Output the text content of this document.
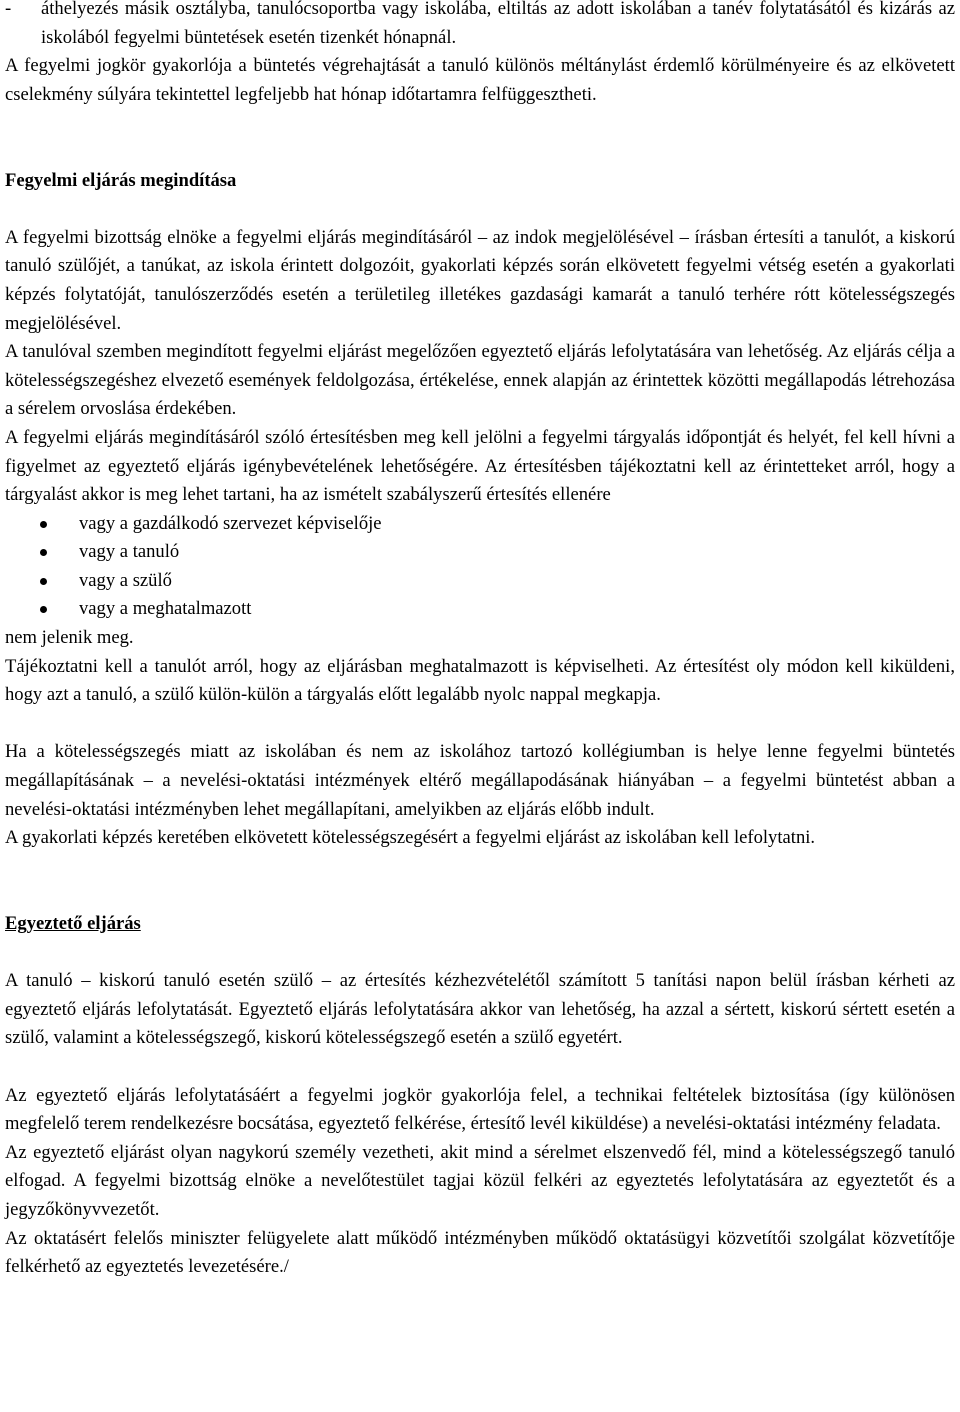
-	áthelyezés másik osztályba, tanulócsoportba vagy iskolába, eltiltás az adott iskolában a tanév folytatásától és kizárás az iskolából fegyelmi büntetések esetén tizenkét hónapnál.

A fegyelmi jogkör gyakorlója a büntetés végrehajtását a tanuló különös méltánylást érdemlő körülményeire és az elkövetett cselekmény súlyára tekintettel legfeljebb hat hónap időtartamra felfüggesztheti.

Fegyelmi eljárás megindítása

A fegyelmi bizottság elnöke a fegyelmi eljárás megindításáról – az indok megjelölésével – írásban értesíti a tanulót, a kiskorú tanuló szülőjét, a tanúkat, az iskola érintett dolgozóit, gyakorlati képzés során elkövetett fegyelmi vétség esetén a gyakorlati képzés folytatóját, tanulószerződés esetén a területileg illetékes gazdasági kamarát a tanuló terhére rótt kötelességszegés megjelölésével.

A tanulóval szemben megindított fegyelmi eljárást megelőzően egyeztető eljárás lefolytatására van lehetőség. Az eljárás célja a kötelességszegéshez elvezető események feldolgozása, értékelése, ennek alapján az érintettek közötti megállapodás létrehozása a sérelem orvoslása érdekében.

A fegyelmi eljárás megindításáról szóló értesítésben meg kell jelölni a fegyelmi tárgyalás időpontját és helyét, fel kell hívni a figyelmet az egyeztető eljárás igénybevételének lehetőségére. Az értesítésben tájékoztatni kell az érintetteket arról, hogy a tárgyalást akkor is meg lehet tartani, ha az ismételt szabályszerű értesítés ellenére

vagy a gazdálkodó szervezet képviselője
vagy a tanuló
vagy a szülő
vagy a meghatalmazott

nem jelenik meg.

Tájékoztatni kell a tanulót arról, hogy az eljárásban meghatalmazott is képviselheti. Az értesítést oly módon kell kiküldeni, hogy azt a tanuló, a szülő külön-külön a tárgyalás előtt legalább nyolc nappal megkapja.

Ha a kötelességszegés miatt az iskolában és nem az iskolához tartozó kollégiumban is helye lenne fegyelmi büntetés megállapításának – a nevelési-oktatási intézmények eltérő megállapodásának hiányában – a fegyelmi büntetést abban a nevelési-oktatási intézményben lehet megállapítani, amelyikben az eljárás előbb indult.

A gyakorlati képzés keretében elkövetett kötelességszegésért a fegyelmi eljárást az iskolában kell lefolytatni.

Egyeztető eljárás

A tanuló – kiskorú tanuló esetén szülő – az értesítés kézhezvételétől számított 5 tanítási napon belül írásban kérheti az egyeztető eljárás lefolytatását. Egyeztető eljárás lefolytatására akkor van lehetőség, ha azzal a sértett, kiskorú sértett esetén a szülő, valamint a kötelességszegő, kiskorú kötelességszegő esetén a szülő egyetért.

Az egyeztető eljárás lefolytatásáért a fegyelmi jogkör gyakorlója felel, a technikai feltételek biztosítása (így különösen megfelelő terem rendelkezésre bocsátása, egyeztető felkérése, értesítő levél kiküldése) a nevelési-oktatási intézmény feladata.

Az egyeztető eljárást olyan nagykorú személy vezetheti, akit mind a sérelmet elszenvedő fél, mind a kötelességszegő tanuló elfogad. A fegyelmi bizottság elnöke a nevelőtestület tagjai közül felkéri az egyeztetés lefolytatására az egyeztetőt és a jegyzőkönyvvezetőt.

Az oktatásért felelős miniszter felügyelete alatt működő intézményben működő oktatásügyi közvetítői szolgálat közvetítője felkérhető az egyeztetés levezetésére./
